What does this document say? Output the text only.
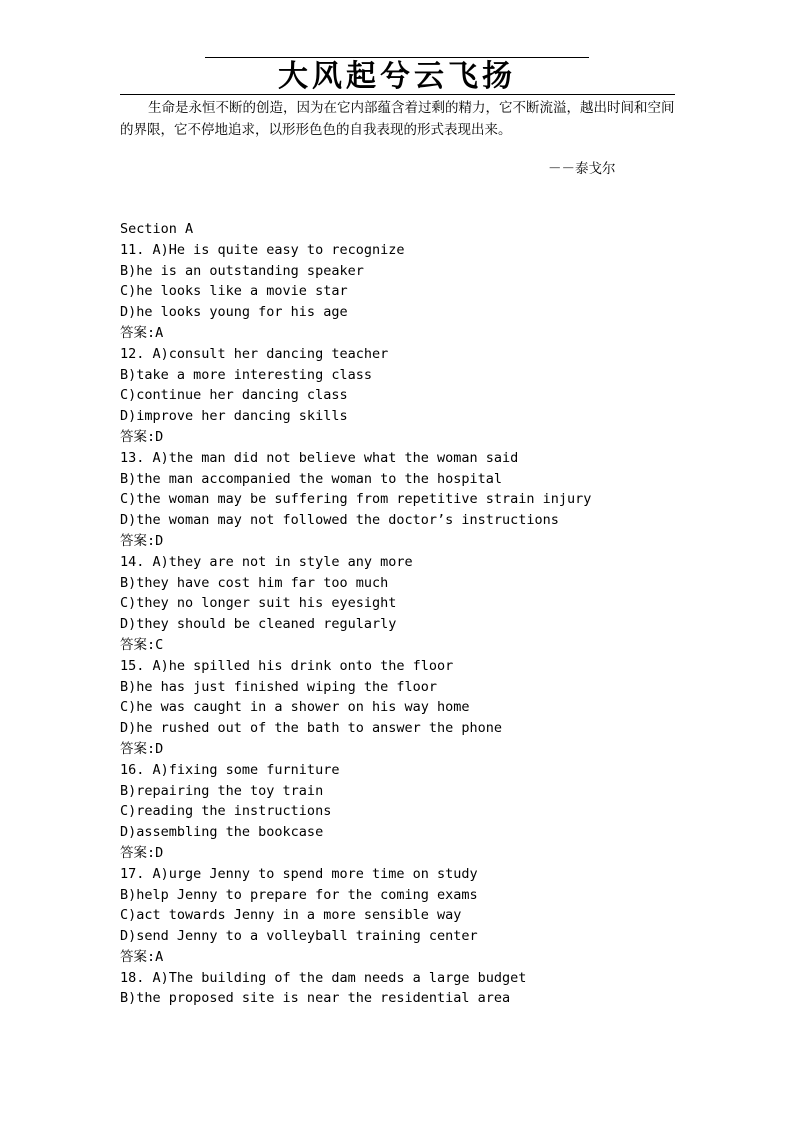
大风起兮云飞扬
生命是永恒不断的创造，因为在它内部蕴含着过剩的精力，它不断流溢，越出时间和空间的界限，它不停地追求，以形形色色的自我表现的形式表现出来。
－－泰戈尔
Section A
11. A)He is quite easy to recognize
B)he is an outstanding speaker
C)he looks like a movie star
D)he looks young for his age
答案:A
12. A)consult her dancing teacher
B)take a more interesting class
C)continue her dancing class
D)improve her dancing skills
答案:D
13. A)the man did not believe what the woman said
B)the man accompanied the woman to the hospital
C)the woman may be suffering from repetitive strain injury
D)the woman may not followed the doctor’s instructions
答案:D
14. A)they are not in style any more
B)they have cost him far too much
C)they no longer suit his eyesight
D)they should be cleaned regularly
答案:C
15. A)he spilled his drink onto the floor
B)he has just finished wiping the floor
C)he was caught in a shower on his way home
D)he rushed out of the bath to answer the phone
答案:D
16. A)fixing some furniture
B)repairing the toy train
C)reading the instructions
D)assembling the bookcase
答案:D
17. A)urge Jenny to spend more time on study
B)help Jenny to prepare for the coming exams
C)act towards Jenny in a more sensible way
D)send Jenny to a volleyball training center
答案:A
18. A)The building of the dam needs a large budget
B)the proposed site is near the residential area
